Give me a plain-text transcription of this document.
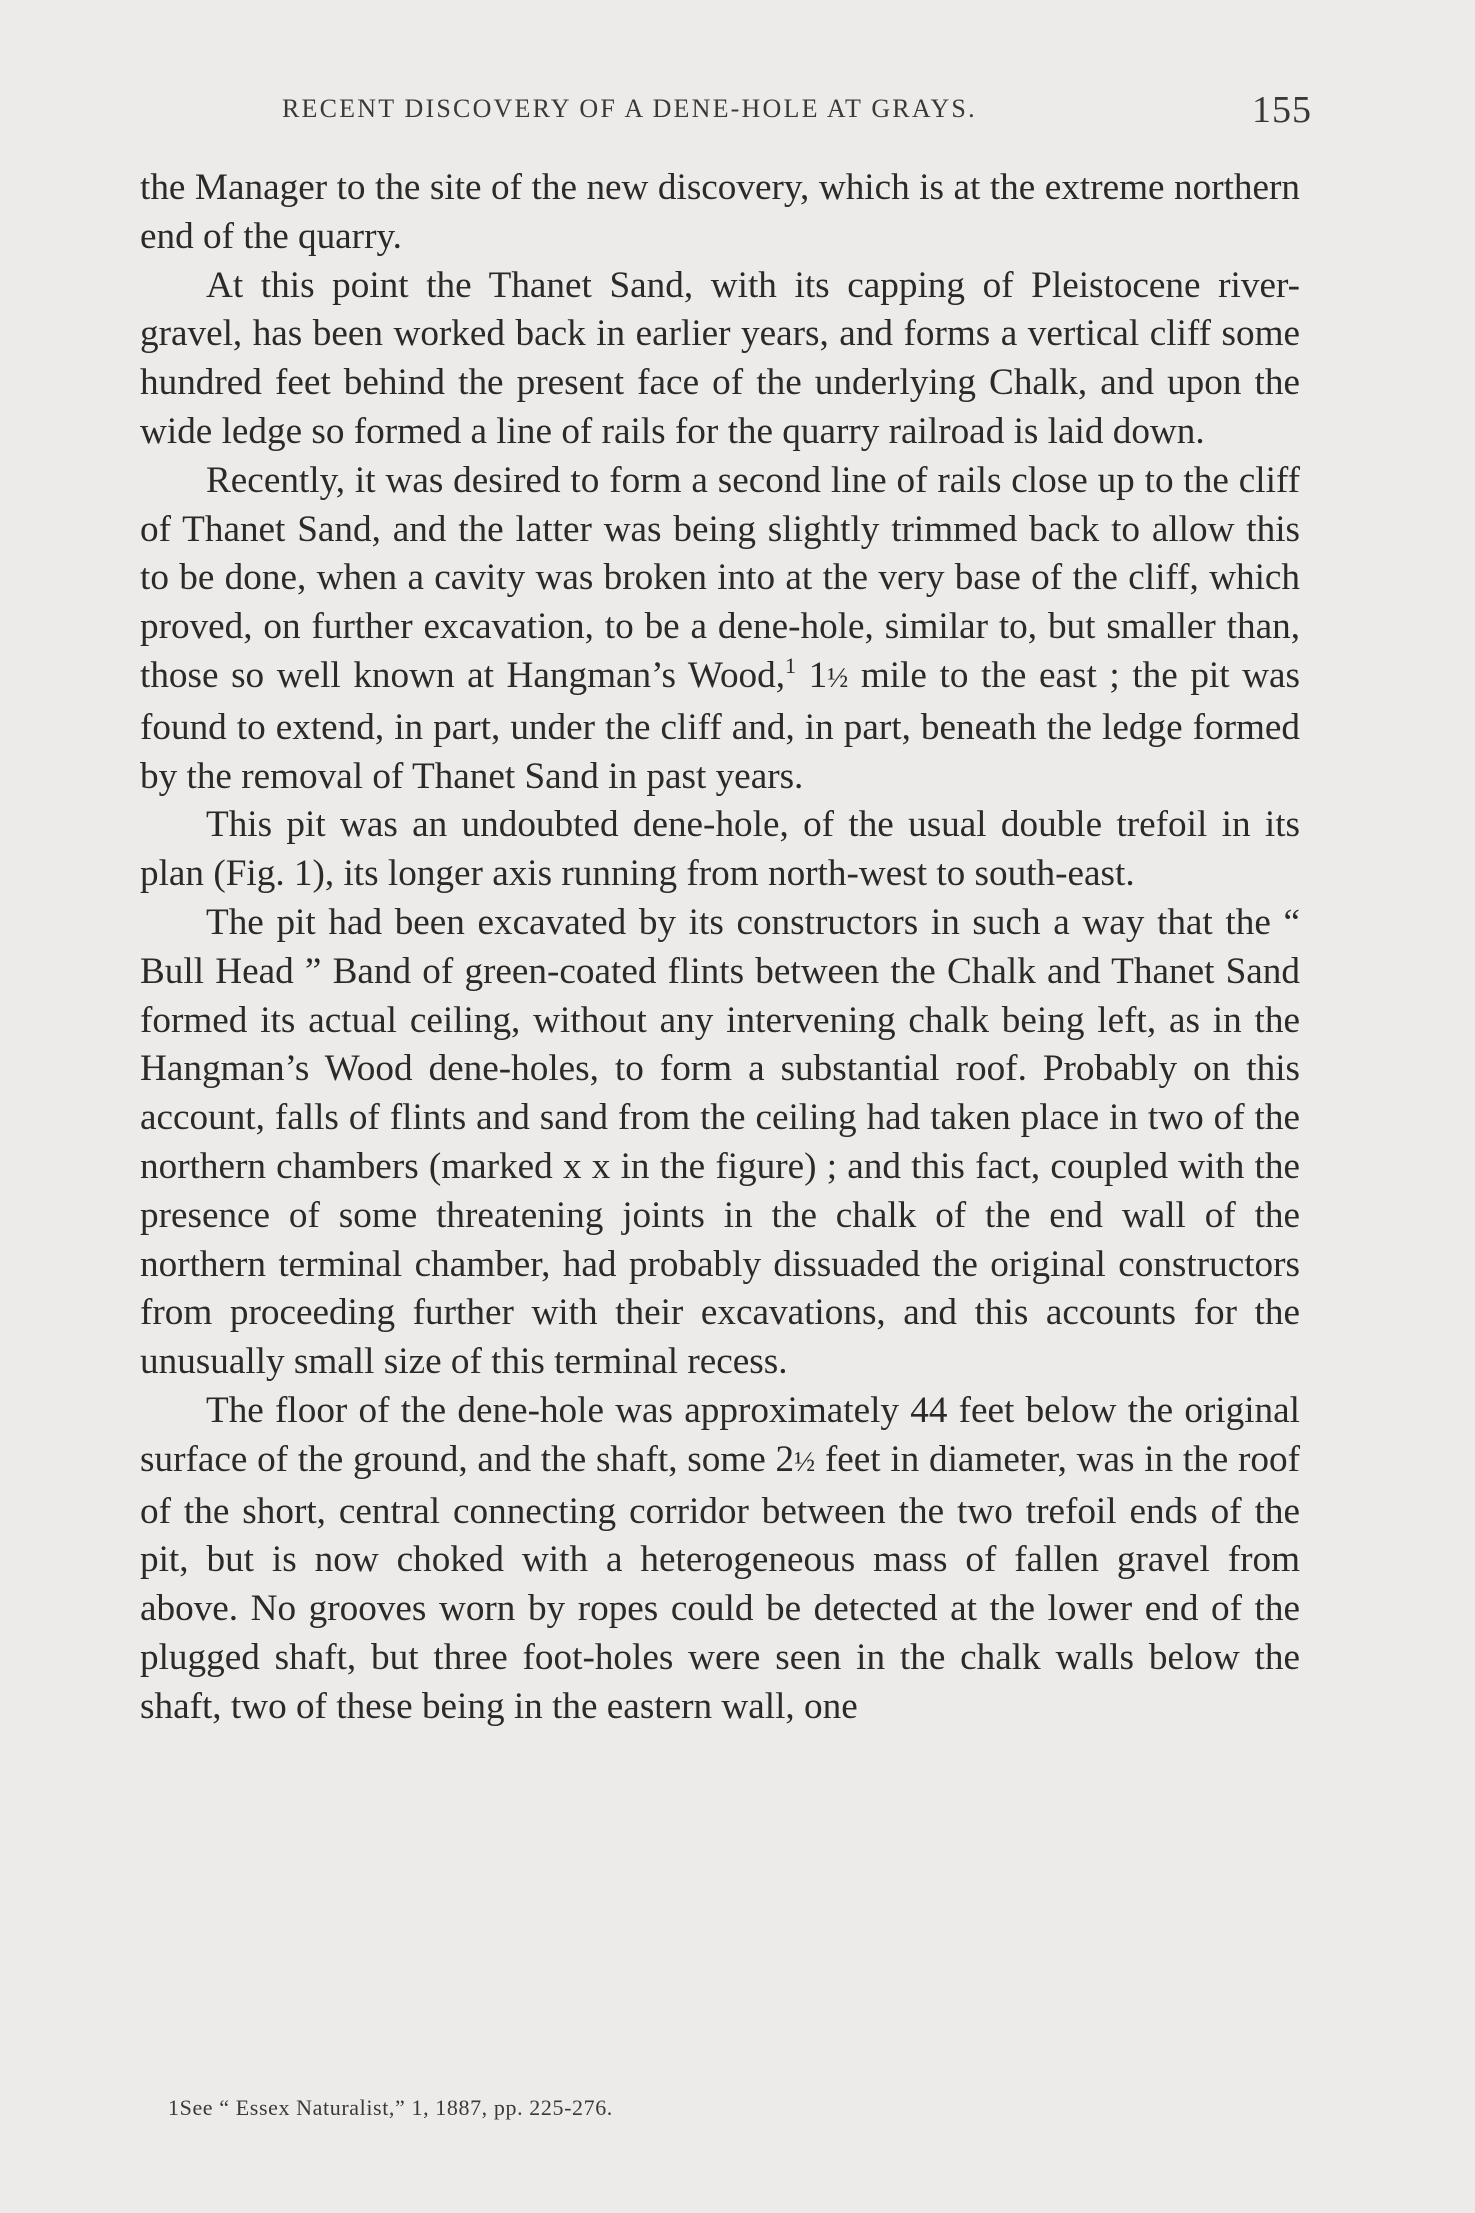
RECENT DISCOVERY OF A DENE-HOLE AT GRAYS.	155

the Manager to the site of the new discovery, which is at the extreme northern end of the quarry.

At this point the Thanet Sand, with its capping of Pleistocene river-gravel, has been worked back in earlier years, and forms a vertical cliff some hundred feet behind the present face of the underlying Chalk, and upon the wide ledge so formed a line of rails for the quarry railroad is laid down.

Recently, it was desired to form a second line of rails close up to the cliff of Thanet Sand, and the latter was being slightly trimmed back to allow this to be done, when a cavity was broken into at the very base of the cliff, which proved, on further excavation, to be a dene-hole, similar to, but smaller than, those so well known at Hangman’s Wood,$^1$ 1½ mile to the east ; the pit was found to extend, in part, under the cliff and, in part, beneath the ledge formed by the removal of Thanet Sand in past years.

This pit was an undoubted dene-hole, of the usual double trefoil in its plan (Fig. 1), its longer axis running from north-west to south-east.

The pit had been excavated by its constructors in such a way that the “ Bull Head ” Band of green-coated flints between the Chalk and Thanet Sand formed its actual ceiling, without any intervening chalk being left, as in the Hangman’s Wood dene-holes, to form a substantial roof. Probably on this account, falls of flints and sand from the ceiling had taken place in two of the northern chambers (marked x x in the figure) ; and this fact, coupled with the presence of some threatening joints in the chalk of the end wall of the northern terminal chamber, had probably dissuaded the original constructors from proceeding further with their excavations, and this accounts for the unusually small size of this terminal recess.

The floor of the dene-hole was approximately 44 feet below the original surface of the ground, and the shaft, some 2½ feet in diameter, was in the roof of the short, central connecting corridor between the two trefoil ends of the pit, but is now choked with a heterogeneous mass of fallen gravel from above. No grooves worn by ropes could be detected at the lower end of the plugged shaft, but three foot-holes were seen in the chalk walls below the shaft, two of these being in the eastern wall, one

1See “ Essex Naturalist,” 1, 1887, pp. 225-276.
